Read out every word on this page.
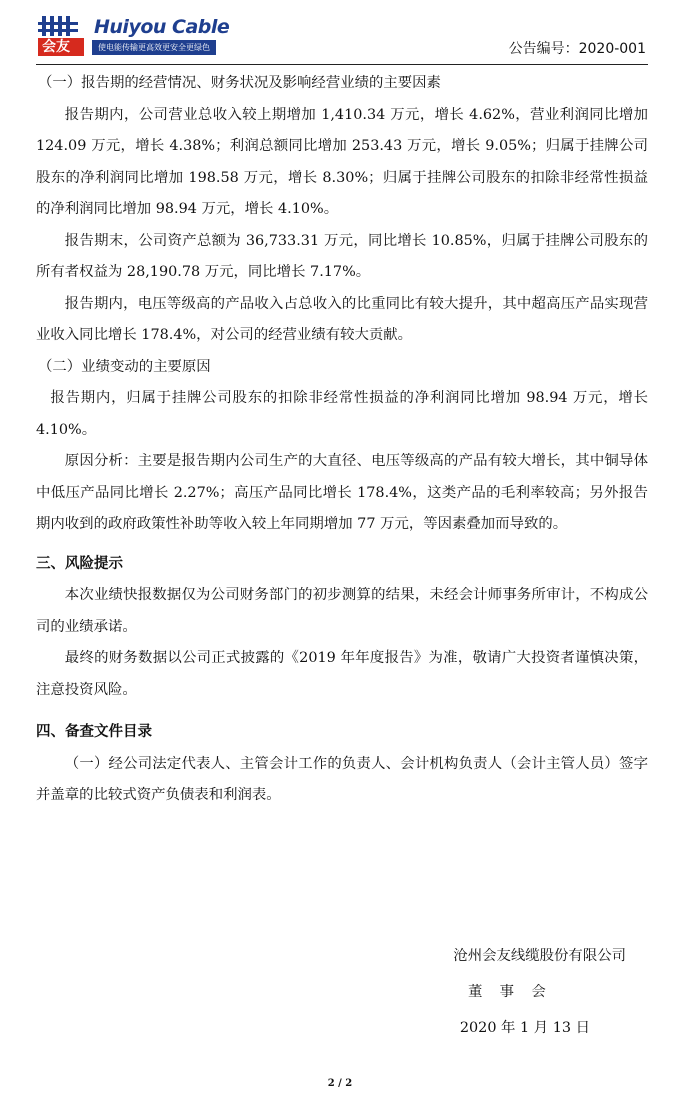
会友
Huiyou Cable
使电能传输更高效更安全更绿色	公告编号：2020-001

（一）报告期的经营情况、财务状况及影响经营业绩的主要因素

报告期内，公司营业总收入较上期增加 1,410.34 万元，增长 4.62%，营业利润同比增加 124.09 万元，增长 4.38%；利润总额同比增加 253.43 万元，增长 9.05%；归属于挂牌公司股东的净利润同比增加 198.58 万元，增长 8.30%；归属于挂牌公司股东的扣除非经常性损益的净利润同比增加 98.94 万元，增长 4.10%。

报告期末，公司资产总额为 36,733.31 万元，同比增长 10.85%，归属于挂牌公司股东的所有者权益为 28,190.78 万元，同比增长 7.17%。

报告期内，电压等级高的产品收入占总收入的比重同比有较大提升，其中超高压产品实现营业收入同比增长 178.4%，对公司的经营业绩有较大贡献。

（二）业绩变动的主要原因

报告期内，归属于挂牌公司股东的扣除非经常性损益的净利润同比增加 98.94 万元，增长 4.10%。

原因分析：主要是报告期内公司生产的大直径、电压等级高的产品有较大增长，其中铜导体中低压产品同比增长 2.27%；高压产品同比增长 178.4%，这类产品的毛利率较高；另外报告期内收到的政府政策性补助等收入较上年同期增加 77 万元，等因素叠加而导致的。

三、风险提示

本次业绩快报数据仅为公司财务部门的初步测算的结果，未经会计师事务所审计，不构成公司的业绩承诺。

最终的财务数据以公司正式披露的《2019 年年度报告》为准，敬请广大投资者谨慎决策，注意投资风险。

四、备查文件目录

（一）经公司法定代表人、主管会计工作的负责人、会计机构负责人（会计主管人员）签字并盖章的比较式资产负债表和利润表。

沧州会友线缆股份有限公司
董事会
2020 年 1 月 13 日
2 / 2
